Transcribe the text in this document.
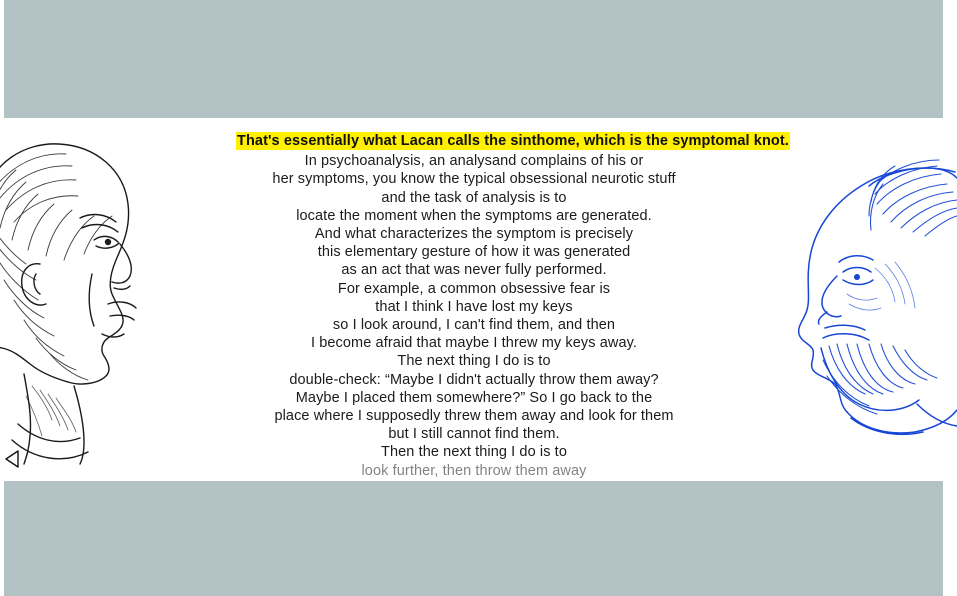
That's essentially what Lacan calls the sinthome, which is the symptomal knot.
In psychoanalysis, an analysand complains of his or
her symptoms, you know the typical obsessional neurotic stuff
and the task of analysis is to
locate the moment when the symptoms are generated.
And what characterizes the symptom is precisely
this elementary gesture of how it was generated
as an act that was never fully performed.
For example, a common obsessive fear is
that I think I have lost my keys
so I look around, I can't find them, and then
I become afraid that maybe I threw my keys away.
The next thing I do is to
double-check: “Maybe I didn't actually throw them away?
Maybe I placed them somewhere?” So I go back to the
place where I supposedly threw them away and look for them
but I still cannot find them.
Then the next thing I do is to
look further, then throw them away
